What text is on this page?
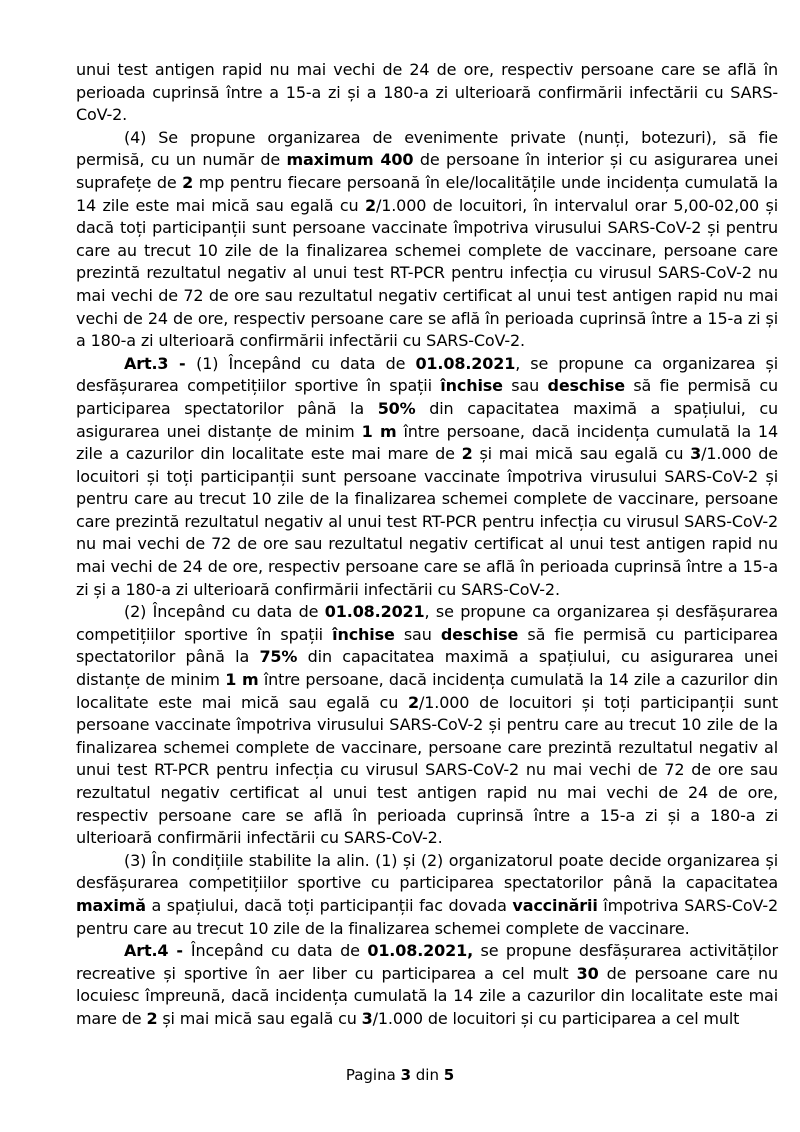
unui test antigen rapid nu mai vechi de 24 de ore, respectiv persoane care se află în perioada cuprinsă între a 15-a zi și a 180-a zi ulterioară confirmării infectării cu SARS-CoV-2.

(4) Se propune organizarea de evenimente private (nunți, botezuri), să fie permisă, cu un număr de maximum 400 de persoane în interior și cu asigurarea unei suprafețe de 2 mp pentru fiecare persoană în ele/localitățile unde incidența cumulată la 14 zile este mai mică sau egală cu 2/1.000 de locuitori, în intervalul orar 5,00-02,00 și dacă toți participanții sunt persoane vaccinate împotriva virusului SARS-CoV-2 și pentru care au trecut 10 zile de la finalizarea schemei complete de vaccinare, persoane care prezintă rezultatul negativ al unui test RT-PCR pentru infecția cu virusul SARS-CoV-2 nu mai vechi de 72 de ore sau rezultatul negativ certificat al unui test antigen rapid nu mai vechi de 24 de ore, respectiv persoane care se află în perioada cuprinsă între a 15-a zi și a 180-a zi ulterioară confirmării infectării cu SARS-CoV-2.

Art.3 - (1) Începând cu data de 01.08.2021, se propune ca organizarea și desfășurarea competițiilor sportive în spații închise sau deschise să fie permisă cu participarea spectatorilor până la 50% din capacitatea maximă a spațiului, cu asigurarea unei distanțe de minim 1 m între persoane, dacă incidența cumulată la 14 zile a cazurilor din localitate este mai mare de 2 și mai mică sau egală cu 3/1.000 de locuitori și toți participanții sunt persoane vaccinate împotriva virusului SARS-CoV-2 și pentru care au trecut 10 zile de la finalizarea schemei complete de vaccinare, persoane care prezintă rezultatul negativ al unui test RT-PCR pentru infecția cu virusul SARS-CoV-2 nu mai vechi de 72 de ore sau rezultatul negativ certificat al unui test antigen rapid nu mai vechi de 24 de ore, respectiv persoane care se află în perioada cuprinsă între a 15-a zi și a 180-a zi ulterioară confirmării infectării cu SARS-CoV-2.

(2) Începând cu data de 01.08.2021, se propune ca organizarea și desfășurarea competițiilor sportive în spații închise sau deschise să fie permisă cu participarea spectatorilor până la 75% din capacitatea maximă a spațiului, cu asigurarea unei distanțe de minim 1 m între persoane, dacă incidența cumulată la 14 zile a cazurilor din localitate este mai mică sau egală cu 2/1.000 de locuitori și toți participanții sunt persoane vaccinate împotriva virusului SARS-CoV-2 și pentru care au trecut 10 zile de la finalizarea schemei complete de vaccinare, persoane care prezintă rezultatul negativ al unui test RT-PCR pentru infecția cu virusul SARS-CoV-2 nu mai vechi de 72 de ore sau rezultatul negativ certificat al unui test antigen rapid nu mai vechi de 24 de ore, respectiv persoane care se află în perioada cuprinsă între a 15-a zi și a 180-a zi ulterioară confirmării infectării cu SARS-CoV-2.

(3) În condițiile stabilite la alin. (1) și (2) organizatorul poate decide organizarea și desfășurarea competițiilor sportive cu participarea spectatorilor până la capacitatea maximă a spațiului, dacă toți participanții fac dovada vaccinării împotriva SARS-CoV-2 pentru care au trecut 10 zile de la finalizarea schemei complete de vaccinare.

Art.4 - Începând cu data de 01.08.2021, se propune desfășurarea activităților recreative și sportive în aer liber cu participarea a cel mult 30 de persoane care nu locuiesc împreună, dacă incidența cumulată la 14 zile a cazurilor din localitate este mai mare de 2 și mai mică sau egală cu 3/1.000 de locuitori și cu participarea a cel mult

Pagina 3 din 5
